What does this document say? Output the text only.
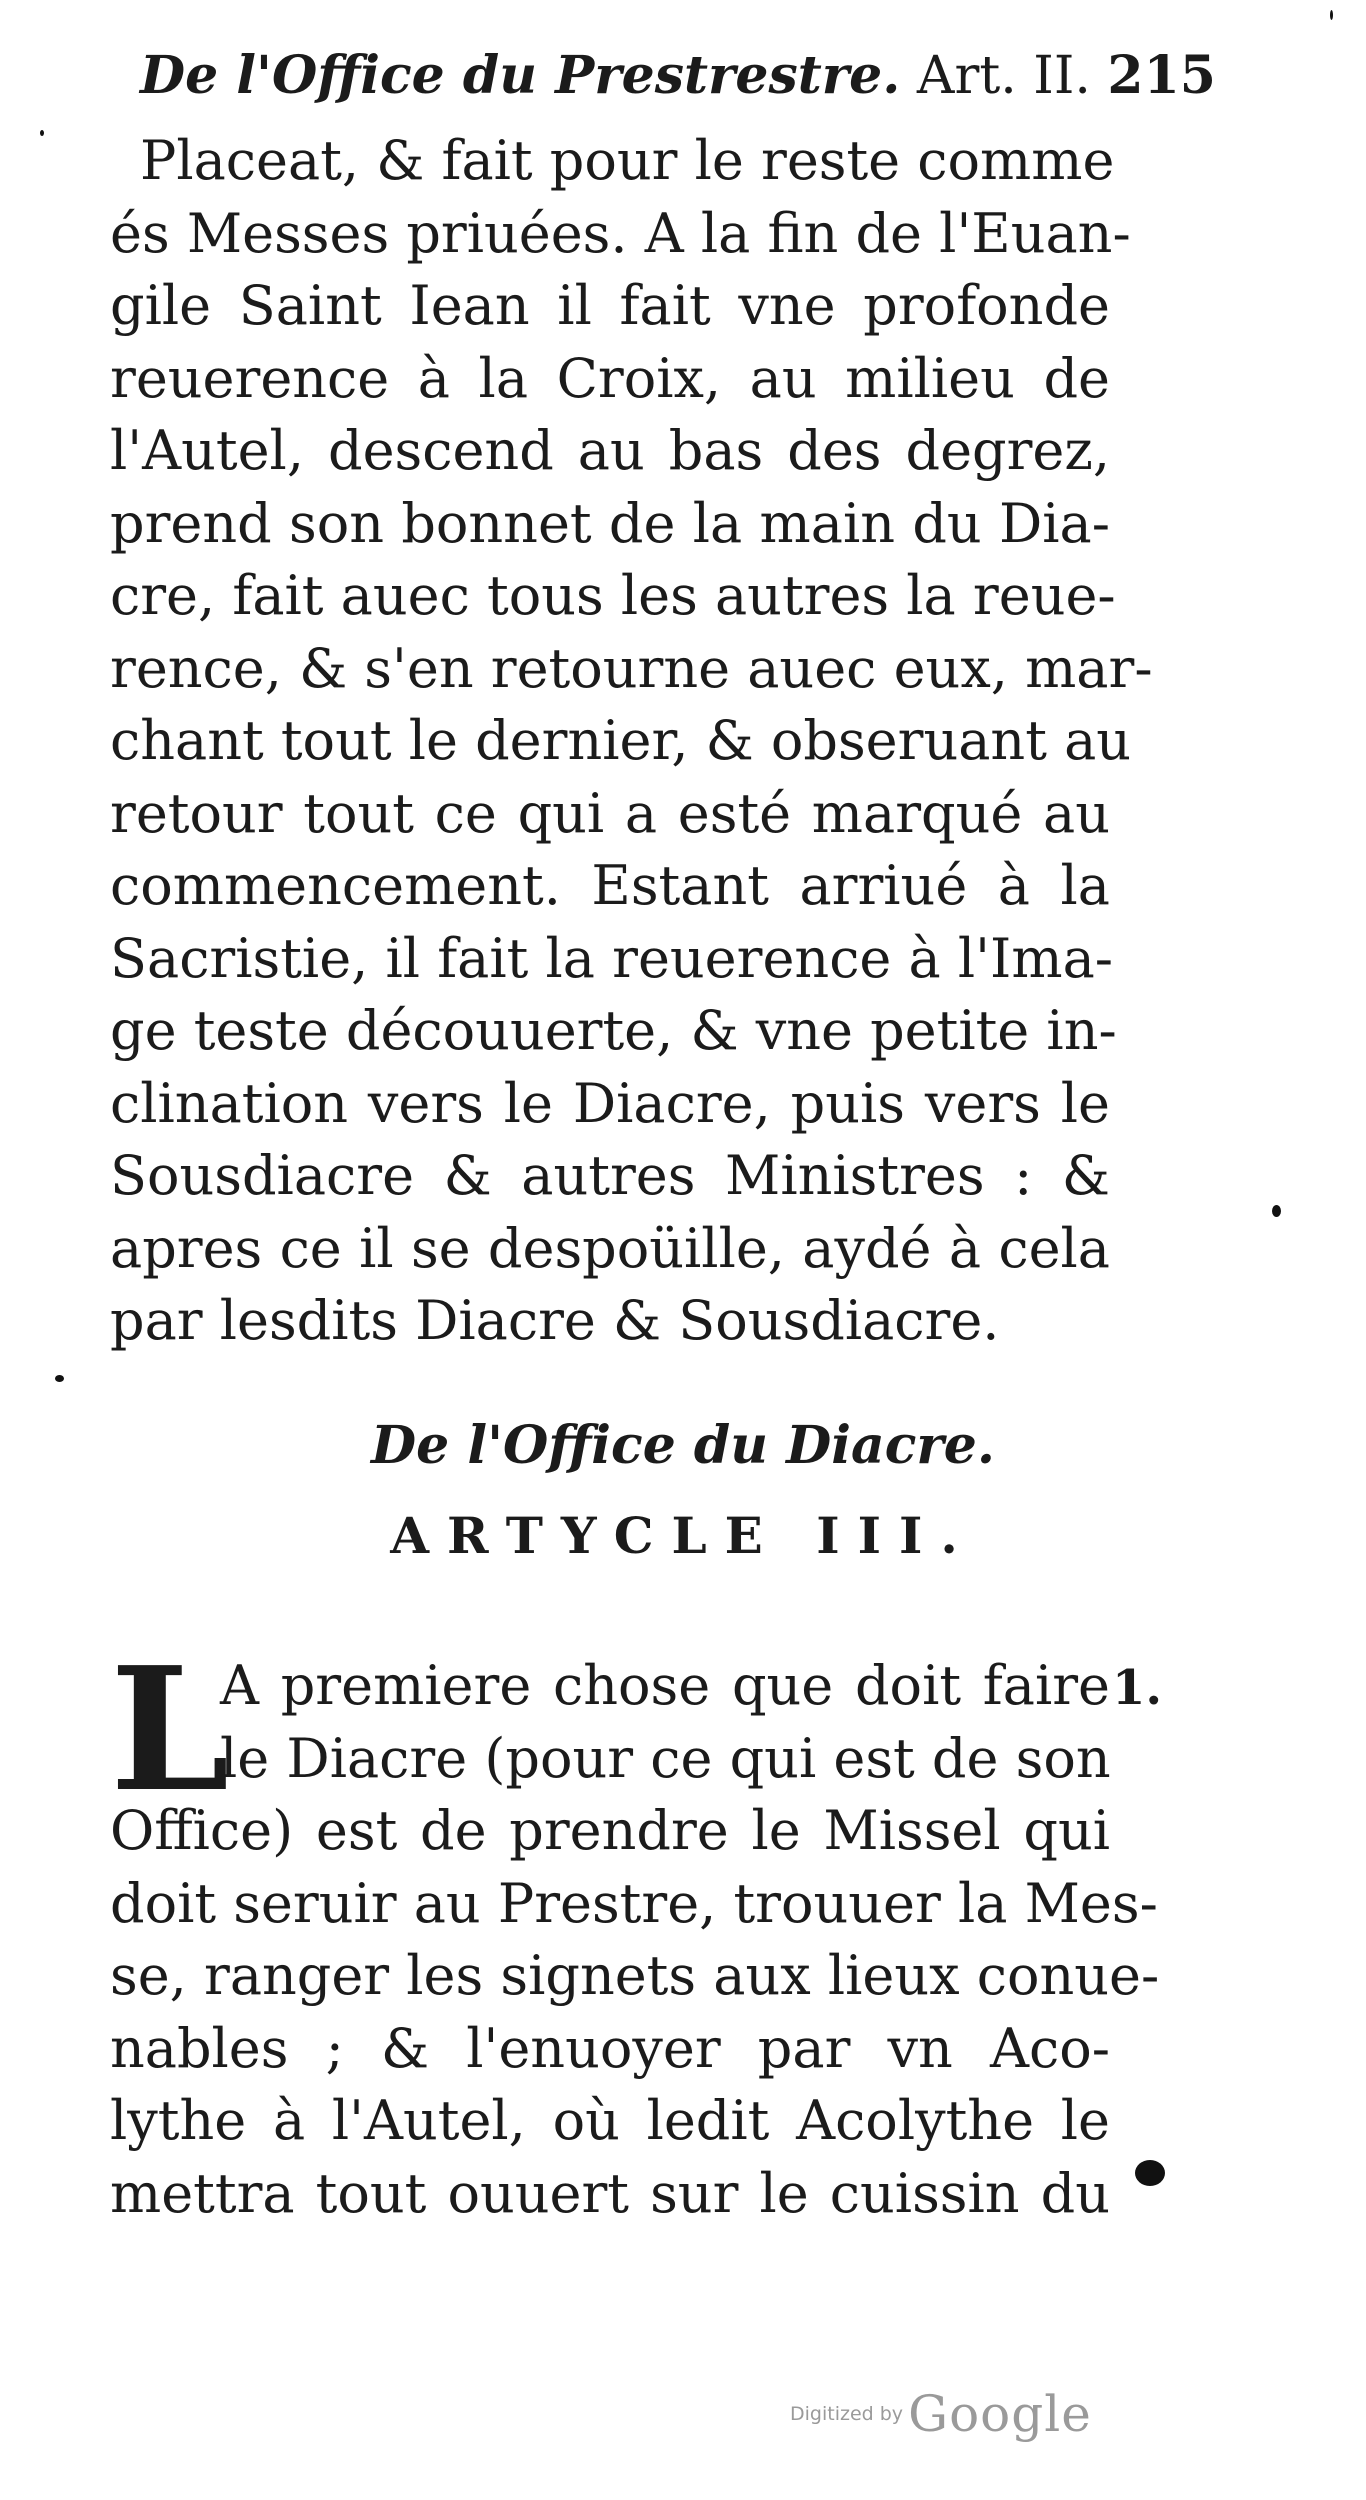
De l'Office du Prestrestre. Art. II. 215
Placeat, & fait pour le reste comme
és Messes priuées. A la fin de l'Euan-
gile Saint Iean il fait vne profonde
reuerence à la Croix, au milieu de
l'Autel, descend au bas des degrez,
prend son bonnet de la main du Dia-
cre, fait auec tous les autres la reue-
rence, & s'en retourne auec eux, mar-
chant tout le dernier, & obseruant au
retour tout ce qui a esté marqué au
commencement. Estant arriué à la
Sacristie, il fait la reuerence à l'Ima-
ge teste découuerte, & vne petite in-
clination vers le Diacre, puis vers le
Sousdiacre & autres Ministres : &
apres ce il se despoüille, aydé à cela
par lesdits Diacre & Sousdiacre.
De l'Office du Diacre.
ARTYCLE III.
L
A premiere chose que doit faire
le Diacre (pour ce qui est de son
Office) est de prendre le Missel qui
doit seruir au Prestre, trouuer la Mes-
se, ranger les signets aux lieux conue-
nables ; & l'enuoyer par vn Aco-
lythe à l'Autel, où ledit Acolythe le
mettra tout ouuert sur le cuissin du
1.
Digitized by Google
